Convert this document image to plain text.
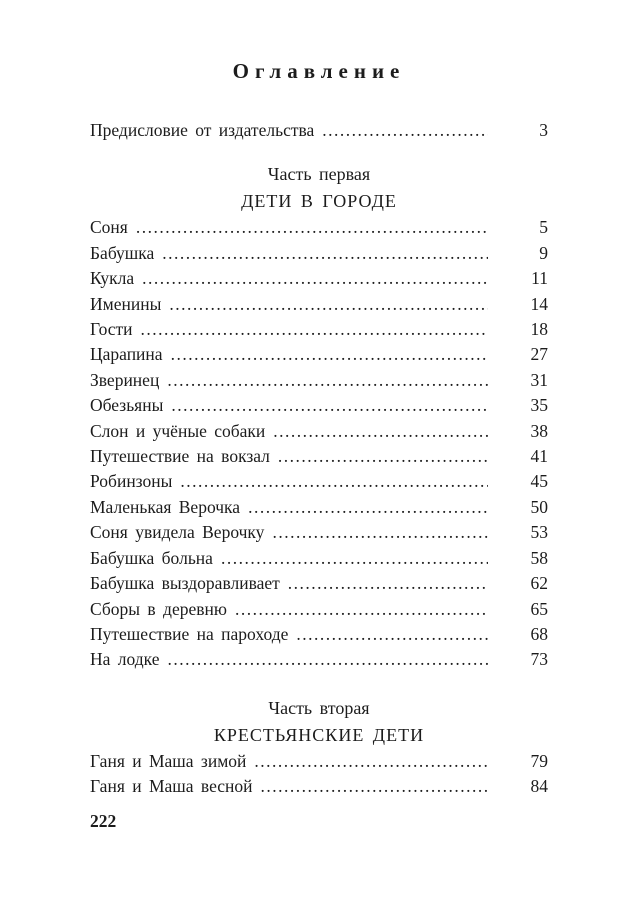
Оглавление
Предисловие от издательства .....	3
Часть первая
ДЕТИ В ГОРОДЕ
Соня .....	5
Бабушка .....	9
Кукла .....	11
Именины .....	14
Гости .....	18
Царапина .....	27
Зверинец .....	31
Обезьяны .....	35
Слон и учёные собаки .....	38
Путешествие на вокзал .....	41
Робинзоны .....	45
Маленькая Верочка .....	50
Соня увидела Верочку .....	53
Бабушка больна .....	58
Бабушка выздоравливает .....	62
Сборы в деревню .....	65
Путешествие на пароходе .....	68
На лодке .....	73
Часть вторая
КРЕСТЬЯНСКИЕ ДЕТИ
Ганя и Маша зимой .....	79
Ганя и Маша весной .....	84
222
